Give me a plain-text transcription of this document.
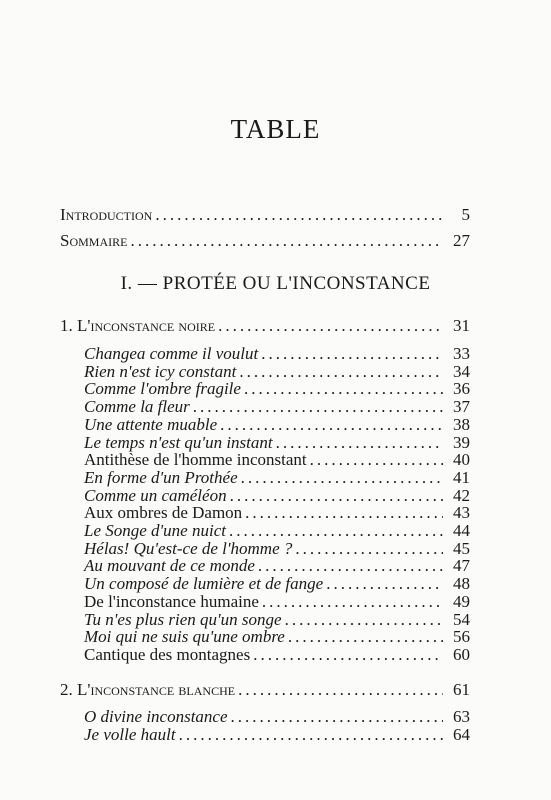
TABLE
Introduction .....	5
Sommaire .....	27
I. — PROTÉE OU L'INCONSTANCE
1. L'inconstance noire .....	31
Changea comme il voulut .....	33
Rien n'est icy constant .....	34
Comme l'ombre fragile .....	36
Comme la fleur .....	37
Une attente muable .....	38
Le temps n'est qu'un instant .....	39
Antithèse de l'homme inconstant .....	40
En forme d'un Prothée .....	41
Comme un caméléon .....	42
Aux ombres de Damon .....	43
Le Songe d'une nuict .....	44
Hélas! Qu'est-ce de l'homme ? .....	45
Au mouvant de ce monde .....	47
Un composé de lumière et de fange .....	48
De l'inconstance humaine .....	49
Tu n'es plus rien qu'un songe .....	54
Moi qui ne suis qu'une ombre .....	56
Cantique des montagnes .....	60
2. L'inconstance blanche .....	61
O divine inconstance .....	63
Je volle hault .....	64
